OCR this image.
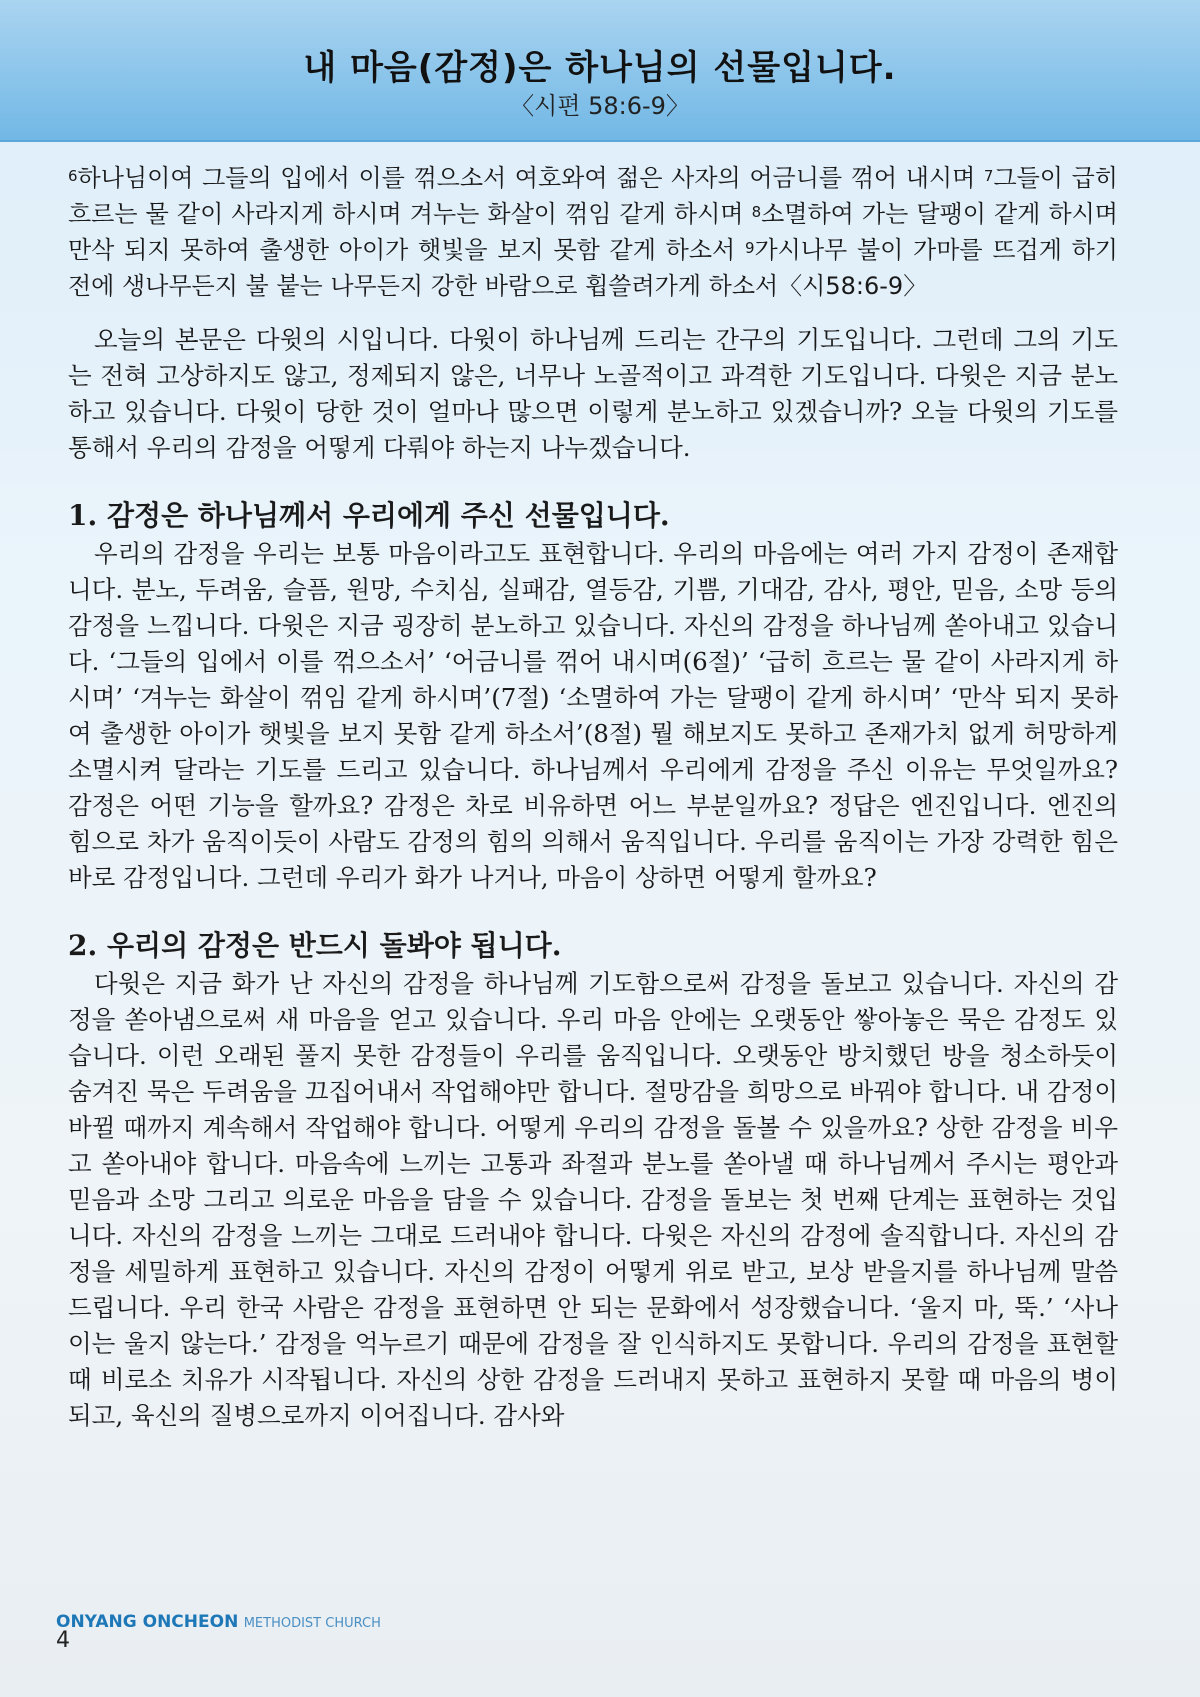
내 마음(감정)은 하나님의 선물입니다.
〈시편 58:6-9〉

$^6$하나님이여 그들의 입에서 이를 꺾으소서 여호와여 젊은 사자의 어금니를 꺾어 내시며 $^7$그들이 급히 흐르는 물 같이 사라지게 하시며 겨누는 화살이 꺾임 같게 하시며 $^8$소멸하여 가는 달팽이 같게 하시며 만삭 되지 못하여 출생한 아이가 햇빛을 보지 못함 같게 하소서 $^9$가시나무 불이 가마를 뜨겁게 하기 전에 생나무든지 불 붙는 나무든지 강한 바람으로 휩쓸려가게 하소서〈시58:6-9〉

오늘의 본문은 다윗의 시입니다. 다윗이 하나님께 드리는 간구의 기도입니다. 그런데 그의 기도는 전혀 고상하지도 않고, 정제되지 않은, 너무나 노골적이고 과격한 기도입니다. 다윗은 지금 분노하고 있습니다. 다윗이 당한 것이 얼마나 많으면 이렇게 분노하고 있겠습니까? 오늘 다윗의 기도를 통해서 우리의 감정을 어떻게 다뤄야 하는지 나누겠습니다.

1. 감정은 하나님께서 우리에게 주신 선물입니다.

우리의 감정을 우리는 보통 마음이라고도 표현합니다. 우리의 마음에는 여러 가지 감정이 존재합니다. 분노, 두려움, 슬픔, 원망, 수치심, 실패감, 열등감, 기쁨, 기대감, 감사, 평안, 믿음, 소망 등의 감정을 느낍니다. 다윗은 지금 굉장히 분노하고 있습니다. 자신의 감정을 하나님께 쏟아내고 있습니다. ‘그들의 입에서 이를 꺾으소서’ ‘어금니를 꺾어 내시며(6절)’ ‘급히 흐르는 물 같이 사라지게 하시며’ ‘겨누는 화살이 꺾임 같게 하시며’(7절) ‘소멸하여 가는 달팽이 같게 하시며’ ‘만삭 되지 못하여 출생한 아이가 햇빛을 보지 못함 같게 하소서’(8절) 뭘 해보지도 못하고 존재가치 없게 허망하게 소멸시켜 달라는 기도를 드리고 있습니다. 하나님께서 우리에게 감정을 주신 이유는 무엇일까요? 감정은 어떤 기능을 할까요? 감정은 차로 비유하면 어느 부분일까요? 정답은 엔진입니다. 엔진의 힘으로 차가 움직이듯이 사람도 감정의 힘의 의해서 움직입니다. 우리를 움직이는 가장 강력한 힘은 바로 감정입니다. 그런데 우리가 화가 나거나, 마음이 상하면 어떻게 할까요?

2. 우리의 감정은 반드시 돌봐야 됩니다.

다윗은 지금 화가 난 자신의 감정을 하나님께 기도함으로써 감정을 돌보고 있습니다. 자신의 감정을 쏟아냄으로써 새 마음을 얻고 있습니다. 우리 마음 안에는 오랫동안 쌓아놓은 묵은 감정도 있습니다. 이런 오래된 풀지 못한 감정들이 우리를 움직입니다. 오랫동안 방치했던 방을 청소하듯이 숨겨진 묵은 두려움을 끄집어내서 작업해야만 합니다. 절망감을 희망으로 바꿔야 합니다. 내 감정이 바뀔 때까지 계속해서 작업해야 합니다. 어떻게 우리의 감정을 돌볼 수 있을까요? 상한 감정을 비우고 쏟아내야 합니다. 마음속에 느끼는 고통과 좌절과 분노를 쏟아낼 때 하나님께서 주시는 평안과 믿음과 소망 그리고 의로운 마음을 담을 수 있습니다. 감정을 돌보는 첫 번째 단계는 표현하는 것입니다. 자신의 감정을 느끼는 그대로 드러내야 합니다. 다윗은 자신의 감정에 솔직합니다. 자신의 감정을 세밀하게 표현하고 있습니다. 자신의 감정이 어떻게 위로 받고, 보상 받을지를 하나님께 말씀드립니다. 우리 한국 사람은 감정을 표현하면 안 되는 문화에서 성장했습니다. ‘울지 마, 뚝.’ ‘사나이는 울지 않는다.’ 감정을 억누르기 때문에 감정을 잘 인식하지도 못합니다. 우리의 감정을 표현할 때 비로소 치유가 시작됩니다. 자신의 상한 감정을 드러내지 못하고 표현하지 못할 때 마음의 병이 되고, 육신의 질병으로까지 이어집니다. 감사와

ONYANG ONCHEON METHODIST CHURCH
4
